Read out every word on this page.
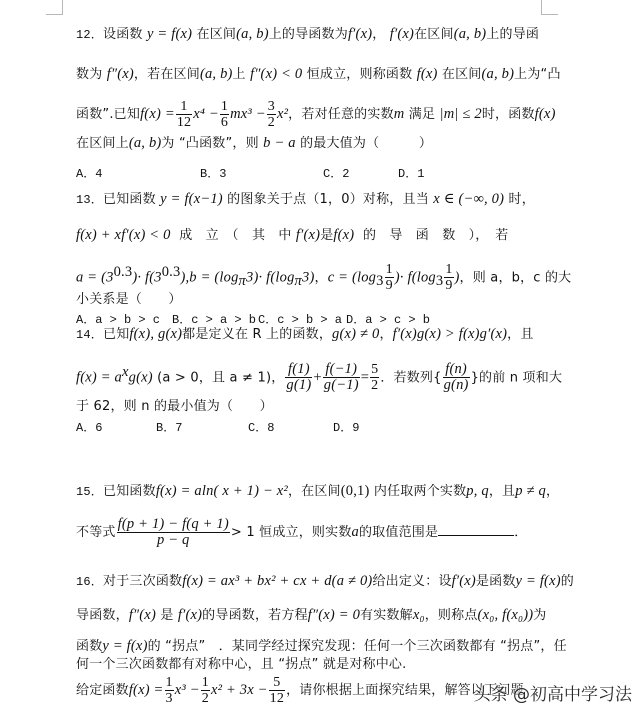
12．设函数 y = f(x) 在区间(a, b)上的导函数为f′(x)， f′(x)在区间(a, b)上的导函
数为 f″(x)，若在区间(a, b)上 f″(x) < 0 恒成立，则称函数 f(x) 在区间(a, b)上为“凸
函数”.已知$f(x) = \frac{1}{12} x^4 - \frac{1}{6} mx^3 - \frac{3}{2} x^2$，若对任意的实数m 满足 |m| ≤ 2时，函数f(x)
在区间上(a, b)为 “凸函数”，则 b − a 的最大值为（　　　）
A．4	B．3	C．2	D．1
13．已知函数 y = f(x−1) 的图象关于点（1，0）对称，且当 x ∈ (−∞, 0) 时，
f(x) + xf′(x) < 0 成　立　（　其　中 f′(x)是f(x) 的　导　函　数　），　若
$a = (3^{0.3})\cdot f(3^{0.3}),b = (\log_\pi 3)\cdot f(\log_\pi 3)$，$c = (\log_3 \frac{1}{9}$ )· $f(\log_3 \frac{1}{9}$ )，则 a，b，c 的大
小关系是（　　）
A．a > b > c B．c > a > b C．c > b > a D．a > c > b
14．已知f(x), g(x)都是定义在 R 上的函数，g(x) ≠ 0，f′(x)g(x) > f(x)g′(x)，且
$f(x) = a^xg(x) (a > 0$，且 a ≠ 1)， $\frac{f(1)}{g(1)} + \frac{f(-1)}{g(-1)} = \frac{5}{2}$ ．若数列{ $\frac{f(n)}{g(n)}$ }的前 n 项和大
于 62，则 n 的最小值为（　　）
A．6	B．7	C．8	D．9
15．已知函数f(x) = aln( x + 1) − x²，在区间(0,1) 内任取两个实数p, q，且p ≠ q，
不等式 $\frac{f(p + 1) - f(q + 1)}{p - q} > 1$ 恒成立，则实数a的取值范围是	．
16．对于三次函数f(x) = ax³ + bx² + cx + d(a ≠ 0)给出定义：设f′(x)是函数y = f(x)的
导函数，f″(x) 是 f′(x)的导函数，若方程f″(x) = 0有实数解x₀，则称点(x₀, f(x₀))为
函数y = f(x)的 “拐点”　．某同学经过探究发现：任何一个三次函数都有 “拐点”，任
何一个三次函数都有对称中心，且 “拐点” 就是对称中心.
给定函数$f(x) = \frac{1}{3} x^3 - \frac{1}{2} x^2 + 3x - \frac{5}{12}$ ，请你根据上面探究结果，解答以下问题
头条 @初高中学习法
